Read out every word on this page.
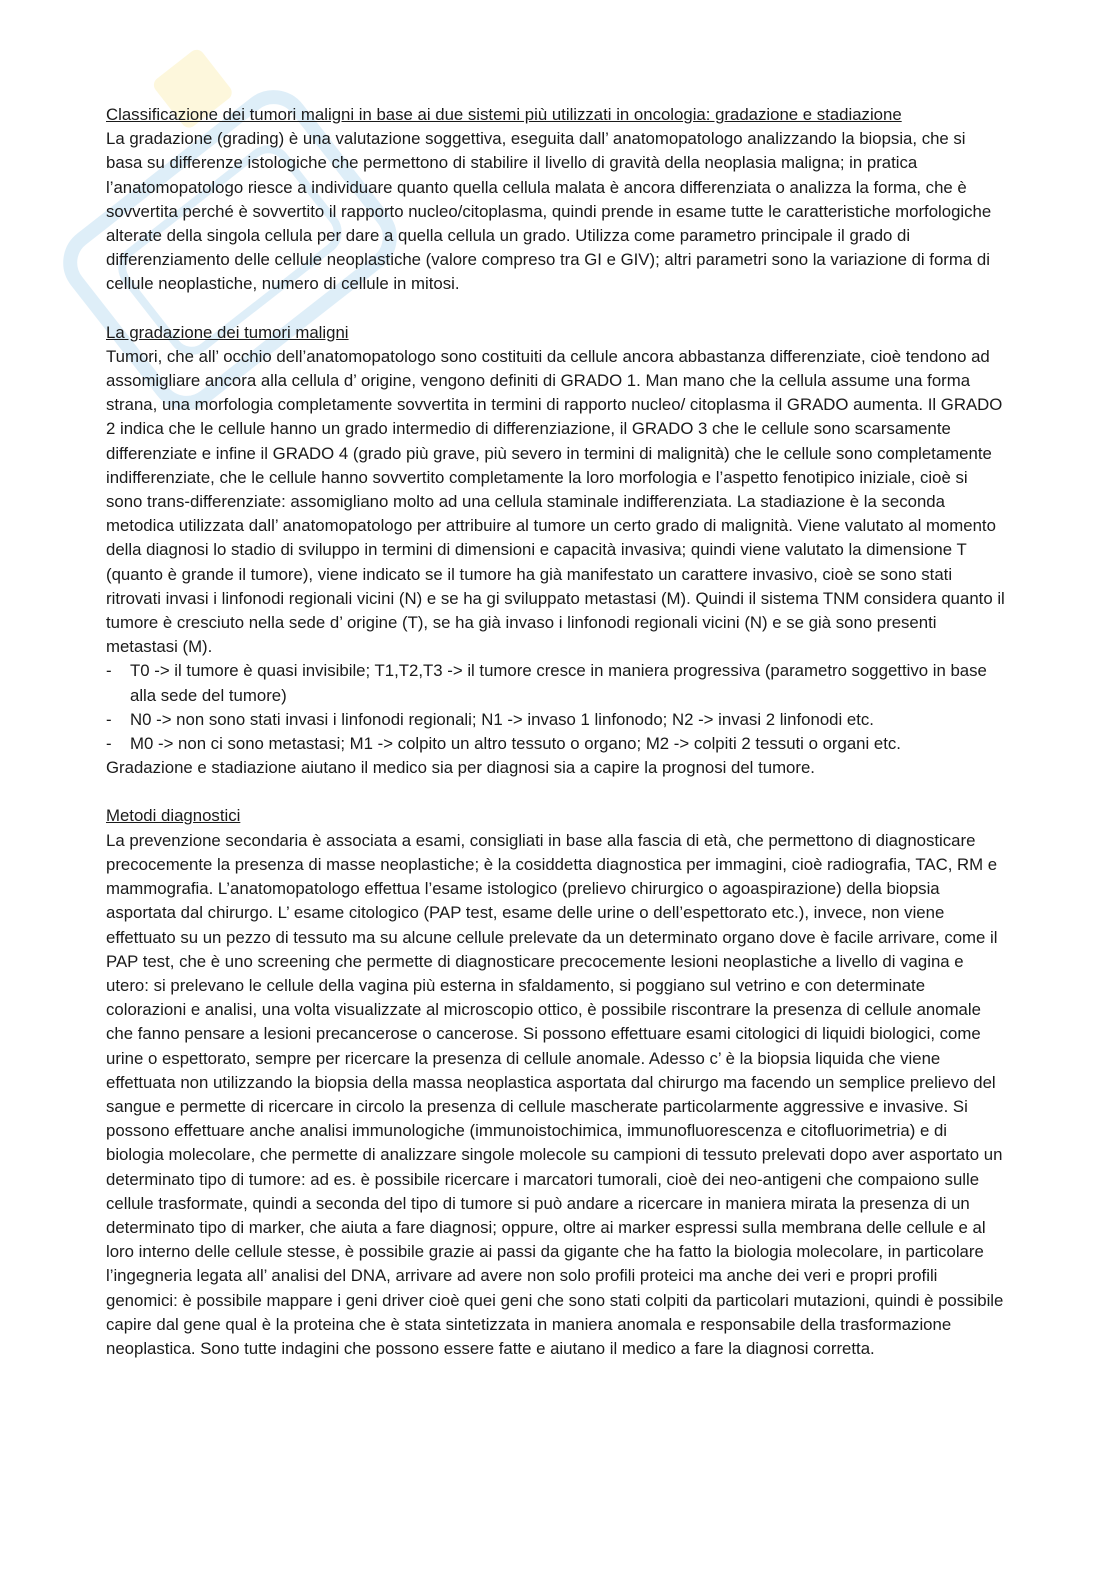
Classificazione dei tumori maligni in base ai due sistemi più utilizzati in oncologia: gradazione e stadiazione
La gradazione (grading) è una valutazione soggettiva, eseguita dall’ anatomopatologo analizzando la biopsia, che si basa su differenze istologiche che permettono di stabilire il livello di gravità della neoplasia maligna; in pratica l’anatomopatologo riesce a individuare quanto quella cellula malata è ancora differenziata o analizza la forma, che è sovvertita perché è sovvertito il rapporto nucleo/citoplasma, quindi prende in esame tutte le caratteristiche morfologiche alterate della singola cellula per dare a quella cellula un grado. Utilizza come parametro principale il grado di differenziamento delle cellule neoplastiche (valore compreso tra GI e GIV); altri parametri sono la variazione di forma di cellule neoplastiche, numero di cellule in mitosi.

La gradazione dei tumori maligni
Tumori, che all’ occhio dell’anatomopatologo sono costituiti da cellule ancora abbastanza differenziate, cioè tendono ad assomigliare ancora alla cellula d’ origine, vengono definiti di GRADO 1. Man mano che la cellula assume una forma strana, una morfologia completamente sovvertita in termini di rapporto nucleo/ citoplasma il GRADO aumenta. Il GRADO 2 indica che le cellule hanno un grado intermedio di differenziazione, il GRADO 3 che le cellule sono scarsamente differenziate e infine il GRADO 4 (grado più grave, più severo in termini di malignità) che le cellule sono completamente indifferenziate, che le cellule hanno sovvertito completamente la loro morfologia e l’aspetto fenotipico iniziale, cioè si sono trans-differenziate: assomigliano molto ad una cellula staminale indifferenziata. La stadiazione è la seconda metodica utilizzata dall’ anatomopatologo per attribuire al tumore un certo grado di malignità. Viene valutato al momento della diagnosi lo stadio di sviluppo in termini di dimensioni e capacità invasiva; quindi viene valutato la dimensione T (quanto è grande il tumore), viene indicato se il tumore ha già manifestato un carattere invasivo, cioè se sono stati ritrovati invasi i linfonodi regionali vicini (N) e se ha gi sviluppato metastasi (M). Quindi il sistema TNM considera quanto il tumore è cresciuto nella sede d’ origine (T), se ha già invaso i linfonodi regionali vicini (N) e se già sono presenti metastasi (M).

-	T0 -> il tumore è quasi invisibile; T1,T2,T3 -> il tumore cresce in maniera progressiva (parametro soggettivo in base alla sede del tumore)
-	N0 -> non sono stati invasi i linfonodi regionali; N1 -> invaso 1 linfonodo; N2 -> invasi 2 linfonodi etc.
-	M0 -> non ci sono metastasi; M1 -> colpito un altro tessuto o organo; M2 -> colpiti 2 tessuti o organi etc.

Gradazione e stadiazione aiutano il medico sia per diagnosi sia a capire la prognosi del tumore.

Metodi diagnostici
La prevenzione secondaria è associata a esami, consigliati in base alla fascia di età, che permettono di diagnosticare precocemente la presenza di masse neoplastiche; è la cosiddetta diagnostica per immagini, cioè radiografia, TAC, RM e mammografia. L’anatomopatologo effettua l’esame istologico (prelievo chirurgico o agoaspirazione) della biopsia asportata dal chirurgo. L’ esame citologico (PAP test, esame delle urine o dell’espettorato etc.), invece, non viene effettuato su un pezzo di tessuto ma su alcune cellule prelevate da un determinato organo dove è facile arrivare, come il PAP test, che è uno screening che permette di diagnosticare precocemente lesioni neoplastiche a livello di vagina e utero: si prelevano le cellule della vagina più esterna in sfaldamento, si poggiano sul vetrino e con determinate colorazioni e analisi, una volta visualizzate al microscopio ottico, è possibile riscontrare la presenza di cellule anomale che fanno pensare a lesioni precancerose o cancerose. Si possono effettuare esami citologici di liquidi biologici, come urine o espettorato, sempre per ricercare la presenza di cellule anomale. Adesso c’ è la biopsia liquida che viene effettuata non utilizzando la biopsia della massa neoplastica asportata dal chirurgo ma facendo un semplice prelievo del sangue e permette di ricercare in circolo la presenza di cellule mascherate particolarmente aggressive e invasive. Si possono effettuare anche analisi immunologiche (immunoistochimica, immunofluorescenza e citofluorimetria) e di biologia molecolare, che permette di analizzare singole molecole su campioni di tessuto prelevati dopo aver asportato un determinato tipo di tumore: ad es. è possibile ricercare i marcatori tumorali, cioè dei neo-antigeni che compaiono sulle cellule trasformate, quindi a seconda del tipo di tumore si può andare a ricercare in maniera mirata la presenza di un determinato tipo di marker, che aiuta a fare diagnosi; oppure, oltre ai marker espressi sulla membrana delle cellule e al loro interno delle cellule stesse, è possibile grazie ai passi da gigante che ha fatto la biologia molecolare, in particolare l’ingegneria legata all’ analisi del DNA, arrivare ad avere non solo profili proteici ma anche dei veri e propri profili genomici: è possibile mappare i geni driver cioè quei geni che sono stati colpiti da particolari mutazioni, quindi è possibile capire dal gene qual è la proteina che è stata sintetizzata in maniera anomala e responsabile della trasformazione neoplastica. Sono tutte indagini che possono essere fatte e aiutano il medico a fare la diagnosi corretta.
